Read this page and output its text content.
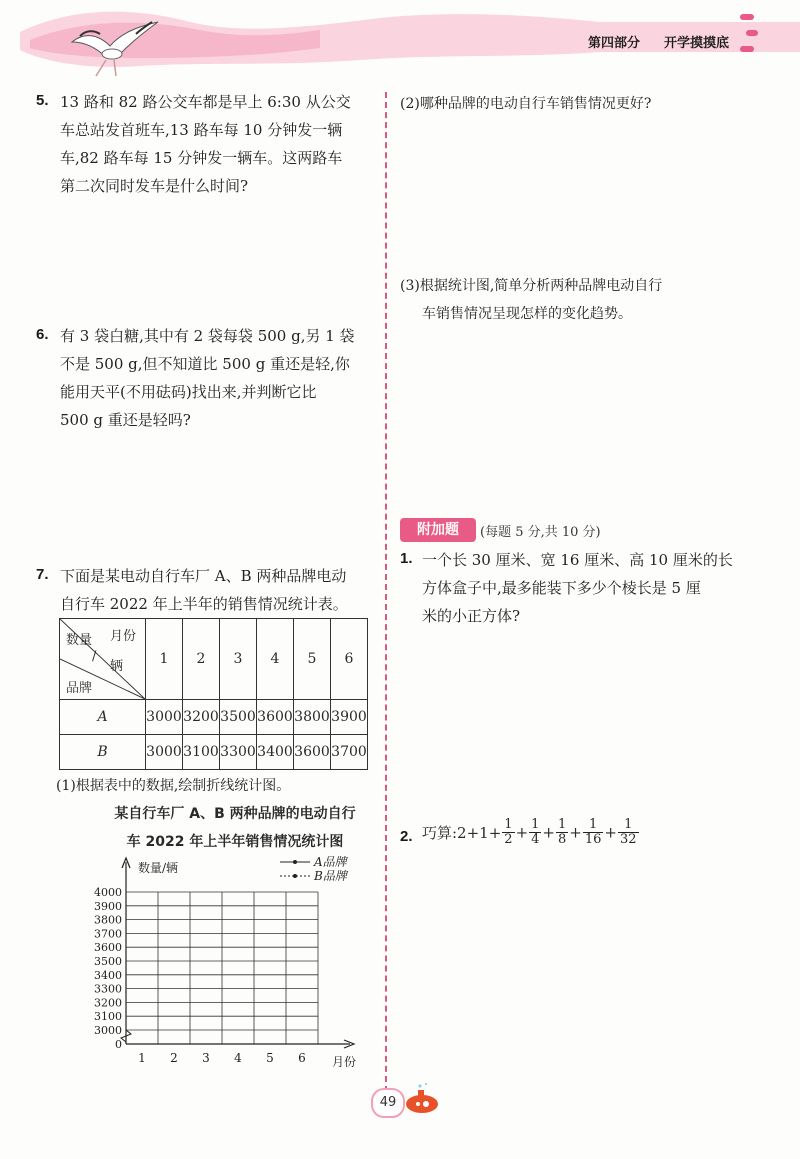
第四部分 开学摸摸底
5. 13 路和 82 路公交车都是早上 6:30 从公交
车总站发首班车,13 路车每 10 分钟发一辆
车,82 路车每 15 分钟发一辆车。这两路车
第二次同时发车是什么时间?
6. 有 3 袋白糖,其中有 2 袋每袋 500 g,另 1 袋
不是 500 g,但不知道比 500 g 重还是轻,你
能用天平(不用砝码)找出来,并判断它比
500 g 重还是轻吗?
7. 下面是某电动自行车厂 A、B 两种品牌电动
自行车 2022 年上半年的销售情况统计表。
月份
数量
/
辆
品牌	1	2	3	4	5	6
A	3000	3200	3500	3600	3800	3900
B	3000	3100	3300	3400	3600	3700
(1)根据表中的数据,绘制折线统计图。
某自行车厂 A、B 两种品牌的电动自行
车 2022 年上半年销售情况统计图
0
3000
3100
3200
3300
3400
3500
3600
3700
3800
3900
4000
1 2 3 4 5 6
数量/辆
月份
A品牌
B品牌
(2)哪种品牌的电动自行车销售情况更好?
(3)根据统计图,简单分析两种品牌电动自行
车销售情况呈现怎样的变化趋势。
附加题	(每题 5 分,共 10 分)
1. 一个长 30 厘米、宽 16 厘米、高 10 厘米的长
方体盒子中,最多能装下多少个棱长是 5 厘
米的小正方体?
2. 巧算:2+1+ $\frac{1}{2} + \frac{1}{4} + \frac{1}{8} + \frac{1}{16} + \frac{1}{32}$
49
